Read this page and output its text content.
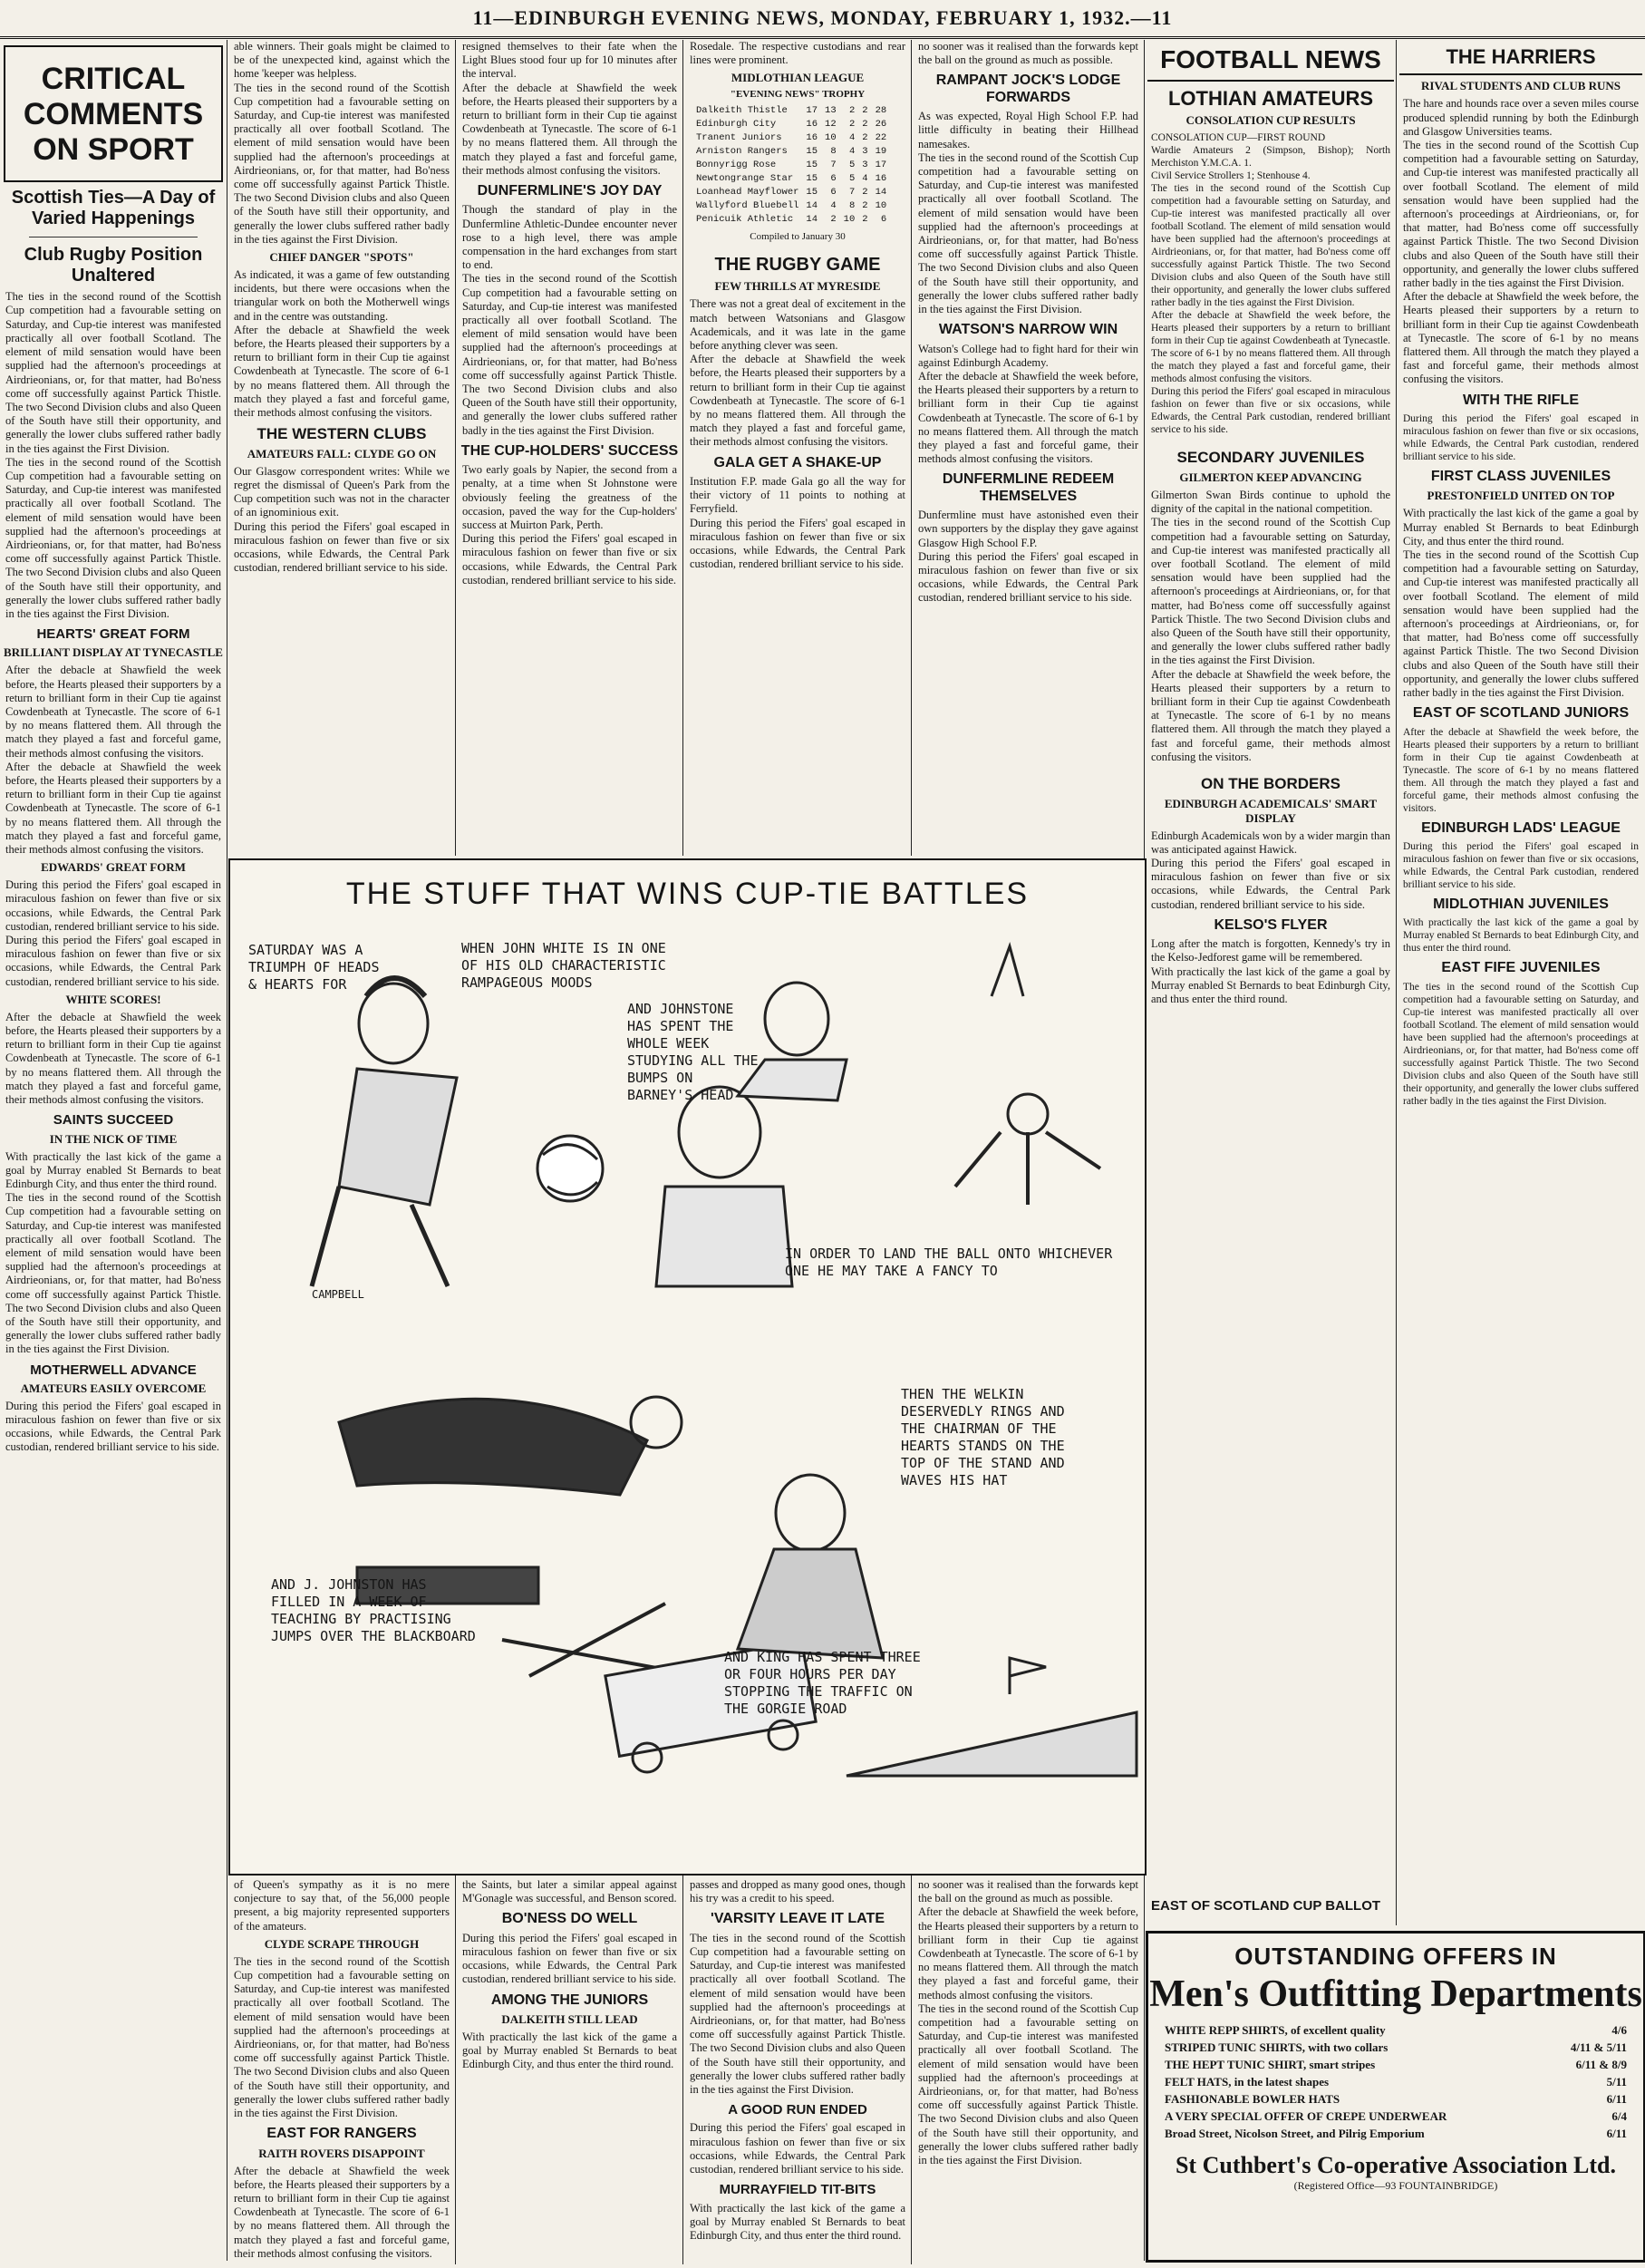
11—EDINBURGH EVENING NEWS, MONDAY, FEBRUARY 1, 1932.—11
CRITICAL COMMENTS ON SPORT
Scottish Ties—A Day of Varied Happenings
Club Rugby Position Unaltered

The ties in the second round of the Scottish Cup competition had a favourable setting on Saturday, and Cup-tie interest was manifested practically all over football Scotland. The element of mild sensation would have been supplied had the afternoon's proceedings at Airdrieonians, or, for that matter, had Bo'ness come off successfully against Partick Thistle. The two Second Division clubs and also Queen of the South have still their opportunity, and generally the lower clubs suffered rather badly in the ties against the First Division.

The ties in the second round of the Scottish Cup competition had a favourable setting on Saturday, and Cup-tie interest was manifested practically all over football Scotland. The element of mild sensation would have been supplied had the afternoon's proceedings at Airdrieonians, or, for that matter, had Bo'ness come off successfully against Partick Thistle. The two Second Division clubs and also Queen of the South have still their opportunity, and generally the lower clubs suffered rather badly in the ties against the First Division.

HEARTS' GREAT FORM
BRILLIANT DISPLAY AT TYNECASTLE

After the debacle at Shawfield the week before, the Hearts pleased their supporters by a return to brilliant form in their Cup tie against Cowdenbeath at Tynecastle. The score of 6-1 by no means flattered them. All through the match they played a fast and forceful game, their methods almost confusing the visitors.

After the debacle at Shawfield the week before, the Hearts pleased their supporters by a return to brilliant form in their Cup tie against Cowdenbeath at Tynecastle. The score of 6-1 by no means flattered them. All through the match they played a fast and forceful game, their methods almost confusing the visitors.

EDWARDS' GREAT FORM

During this period the Fifers' goal escaped in miraculous fashion on fewer than five or six occasions, while Edwards, the Central Park custodian, rendered brilliant service to his side.

During this period the Fifers' goal escaped in miraculous fashion on fewer than five or six occasions, while Edwards, the Central Park custodian, rendered brilliant service to his side.

WHITE SCORES!

After the debacle at Shawfield the week before, the Hearts pleased their supporters by a return to brilliant form in their Cup tie against Cowdenbeath at Tynecastle. The score of 6-1 by no means flattered them. All through the match they played a fast and forceful game, their methods almost confusing the visitors.

SAINTS SUCCEED
IN THE NICK OF TIME

With practically the last kick of the game a goal by Murray enabled St Bernards to beat Edinburgh City, and thus enter the third round.

The ties in the second round of the Scottish Cup competition had a favourable setting on Saturday, and Cup-tie interest was manifested practically all over football Scotland. The element of mild sensation would have been supplied had the afternoon's proceedings at Airdrieonians, or, for that matter, had Bo'ness come off successfully against Partick Thistle. The two Second Division clubs and also Queen of the South have still their opportunity, and generally the lower clubs suffered rather badly in the ties against the First Division.

MOTHERWELL ADVANCE
AMATEURS EASILY OVERCOME

During this period the Fifers' goal escaped in miraculous fashion on fewer than five or six occasions, while Edwards, the Central Park custodian, rendered brilliant service to his side.

able winners. Their goals might be claimed to be of the unexpected kind, against which the home 'keeper was helpless.

The ties in the second round of the Scottish Cup competition had a favourable setting on Saturday, and Cup-tie interest was manifested practically all over football Scotland. The element of mild sensation would have been supplied had the afternoon's proceedings at Airdrieonians, or, for that matter, had Bo'ness come off successfully against Partick Thistle. The two Second Division clubs and also Queen of the South have still their opportunity, and generally the lower clubs suffered rather badly in the ties against the First Division.

CHIEF DANGER "SPOTS"

As indicated, it was a game of few outstanding incidents, but there were occasions when the triangular work on both the Motherwell wings and in the centre was outstanding.

After the debacle at Shawfield the week before, the Hearts pleased their supporters by a return to brilliant form in their Cup tie against Cowdenbeath at Tynecastle. The score of 6-1 by no means flattered them. All through the match they played a fast and forceful game, their methods almost confusing the visitors.

THE WESTERN CLUBS
AMATEURS FALL: CLYDE GO ON

Our Glasgow correspondent writes: While we regret the dismissal of Queen's Park from the Cup competition such was not in the character of an ignominious exit.

During this period the Fifers' goal escaped in miraculous fashion on fewer than five or six occasions, while Edwards, the Central Park custodian, rendered brilliant service to his side.

resigned themselves to their fate when the Light Blues stood four up for 10 minutes after the interval.

After the debacle at Shawfield the week before, the Hearts pleased their supporters by a return to brilliant form in their Cup tie against Cowdenbeath at Tynecastle. The score of 6-1 by no means flattered them. All through the match they played a fast and forceful game, their methods almost confusing the visitors.

DUNFERMLINE'S JOY DAY

Though the standard of play in the Dunfermline Athletic-Dundee encounter never rose to a high level, there was ample compensation in the hard exchanges from start to end.

The ties in the second round of the Scottish Cup competition had a favourable setting on Saturday, and Cup-tie interest was manifested practically all over football Scotland. The element of mild sensation would have been supplied had the afternoon's proceedings at Airdrieonians, or, for that matter, had Bo'ness come off successfully against Partick Thistle. The two Second Division clubs and also Queen of the South have still their opportunity, and generally the lower clubs suffered rather badly in the ties against the First Division.

THE CUP-HOLDERS' SUCCESS

Two early goals by Napier, the second from a penalty, at a time when St Johnstone were obviously feeling the greatness of the occasion, paved the way for the Cup-holders' success at Muirton Park, Perth.

During this period the Fifers' goal escaped in miraculous fashion on fewer than five or six occasions, while Edwards, the Central Park custodian, rendered brilliant service to his side.

Rosedale. The respective custodians and rear lines were prominent.

MIDLOTHIAN LEAGUE
"EVENING NEWS" TROPHY
Dalkeith Thistle	17	13	2	2	28
Edinburgh City	16	12	2	2	26
Tranent Juniors	16	10	4	2	22
Arniston Rangers	15	8	4	3	19
Bonnyrigg Rose	15	7	5	3	17
Newtongrange Star	15	6	5	4	16
Loanhead Mayflower	15	6	7	2	14
Wallyford Bluebell	14	4	8	2	10
Penicuik Athletic	14	2	10	2	6
Compiled to January 30
THE RUGBY GAME
FEW THRILLS AT MYRESIDE

There was not a great deal of excitement in the match between Watsonians and Glasgow Academicals, and it was late in the game before anything clever was seen.

After the debacle at Shawfield the week before, the Hearts pleased their supporters by a return to brilliant form in their Cup tie against Cowdenbeath at Tynecastle. The score of 6-1 by no means flattered them. All through the match they played a fast and forceful game, their methods almost confusing the visitors.

GALA GET A SHAKE-UP

Institution F.P. made Gala go all the way for their victory of 11 points to nothing at Ferryfield.

During this period the Fifers' goal escaped in miraculous fashion on fewer than five or six occasions, while Edwards, the Central Park custodian, rendered brilliant service to his side.

no sooner was it realised than the forwards kept the ball on the ground as much as possible.

RAMPANT JOCK'S LODGE FORWARDS

As was expected, Royal High School F.P. had little difficulty in beating their Hillhead namesakes.

The ties in the second round of the Scottish Cup competition had a favourable setting on Saturday, and Cup-tie interest was manifested practically all over football Scotland. The element of mild sensation would have been supplied had the afternoon's proceedings at Airdrieonians, or, for that matter, had Bo'ness come off successfully against Partick Thistle. The two Second Division clubs and also Queen of the South have still their opportunity, and generally the lower clubs suffered rather badly in the ties against the First Division.

WATSON'S NARROW WIN

Watson's College had to fight hard for their win against Edinburgh Academy.

After the debacle at Shawfield the week before, the Hearts pleased their supporters by a return to brilliant form in their Cup tie against Cowdenbeath at Tynecastle. The score of 6-1 by no means flattered them. All through the match they played a fast and forceful game, their methods almost confusing the visitors.

DUNFERMLINE REDEEM THEMSELVES

Dunfermline must have astonished even their own supporters by the display they gave against Glasgow High School F.P.

During this period the Fifers' goal escaped in miraculous fashion on fewer than five or six occasions, while Edwards, the Central Park custodian, rendered brilliant service to his side.

FOOTBALL NEWS
LOTHIAN AMATEURS
CONSOLATION CUP RESULTS

CONSOLATION CUP—FIRST ROUND
Wardie Amateurs 2 (Simpson, Bishop); North Merchiston Y.M.C.A. 1.
Civil Service Strollers 1; Stenhouse 4.

The ties in the second round of the Scottish Cup competition had a favourable setting on Saturday, and Cup-tie interest was manifested practically all over football Scotland. The element of mild sensation would have been supplied had the afternoon's proceedings at Airdrieonians, or, for that matter, had Bo'ness come off successfully against Partick Thistle. The two Second Division clubs and also Queen of the South have still their opportunity, and generally the lower clubs suffered rather badly in the ties against the First Division.

After the debacle at Shawfield the week before, the Hearts pleased their supporters by a return to brilliant form in their Cup tie against Cowdenbeath at Tynecastle. The score of 6-1 by no means flattered them. All through the match they played a fast and forceful game, their methods almost confusing the visitors.

During this period the Fifers' goal escaped in miraculous fashion on fewer than five or six occasions, while Edwards, the Central Park custodian, rendered brilliant service to his side.

SECONDARY JUVENILES
GILMERTON KEEP ADVANCING

Gilmerton Swan Birds continue to uphold the dignity of the capital in the national competition.

The ties in the second round of the Scottish Cup competition had a favourable setting on Saturday, and Cup-tie interest was manifested practically all over football Scotland. The element of mild sensation would have been supplied had the afternoon's proceedings at Airdrieonians, or, for that matter, had Bo'ness come off successfully against Partick Thistle. The two Second Division clubs and also Queen of the South have still their opportunity, and generally the lower clubs suffered rather badly in the ties against the First Division.

After the debacle at Shawfield the week before, the Hearts pleased their supporters by a return to brilliant form in their Cup tie against Cowdenbeath at Tynecastle. The score of 6-1 by no means flattered them. All through the match they played a fast and forceful game, their methods almost confusing the visitors.

ON THE BORDERS
EDINBURGH ACADEMICALS' SMART DISPLAY

Edinburgh Academicals won by a wider margin than was anticipated against Hawick.

During this period the Fifers' goal escaped in miraculous fashion on fewer than five or six occasions, while Edwards, the Central Park custodian, rendered brilliant service to his side.

KELSO'S FLYER

Long after the match is forgotten, Kennedy's try in the Kelso-Jedforest game will be remembered.

With practically the last kick of the game a goal by Murray enabled St Bernards to beat Edinburgh City, and thus enter the third round.

THE HARRIERS
RIVAL STUDENTS AND CLUB RUNS

The hare and hounds race over a seven miles course produced splendid running by both the Edinburgh and Glasgow Universities teams.

The ties in the second round of the Scottish Cup competition had a favourable setting on Saturday, and Cup-tie interest was manifested practically all over football Scotland. The element of mild sensation would have been supplied had the afternoon's proceedings at Airdrieonians, or, for that matter, had Bo'ness come off successfully against Partick Thistle. The two Second Division clubs and also Queen of the South have still their opportunity, and generally the lower clubs suffered rather badly in the ties against the First Division.

After the debacle at Shawfield the week before, the Hearts pleased their supporters by a return to brilliant form in their Cup tie against Cowdenbeath at Tynecastle. The score of 6-1 by no means flattered them. All through the match they played a fast and forceful game, their methods almost confusing the visitors.

WITH THE RIFLE

During this period the Fifers' goal escaped in miraculous fashion on fewer than five or six occasions, while Edwards, the Central Park custodian, rendered brilliant service to his side.

FIRST CLASS JUVENILES
PRESTONFIELD UNITED ON TOP

With practically the last kick of the game a goal by Murray enabled St Bernards to beat Edinburgh City, and thus enter the third round.

The ties in the second round of the Scottish Cup competition had a favourable setting on Saturday, and Cup-tie interest was manifested practically all over football Scotland. The element of mild sensation would have been supplied had the afternoon's proceedings at Airdrieonians, or, for that matter, had Bo'ness come off successfully against Partick Thistle. The two Second Division clubs and also Queen of the South have still their opportunity, and generally the lower clubs suffered rather badly in the ties against the First Division.

EAST OF SCOTLAND JUNIORS

After the debacle at Shawfield the week before, the Hearts pleased their supporters by a return to brilliant form in their Cup tie against Cowdenbeath at Tynecastle. The score of 6-1 by no means flattered them. All through the match they played a fast and forceful game, their methods almost confusing the visitors.

EDINBURGH LADS' LEAGUE

During this period the Fifers' goal escaped in miraculous fashion on fewer than five or six occasions, while Edwards, the Central Park custodian, rendered brilliant service to his side.

MIDLOTHIAN JUVENILES

With practically the last kick of the game a goal by Murray enabled St Bernards to beat Edinburgh City, and thus enter the third round.

EAST FIFE JUVENILES

The ties in the second round of the Scottish Cup competition had a favourable setting on Saturday, and Cup-tie interest was manifested practically all over football Scotland. The element of mild sensation would have been supplied had the afternoon's proceedings at Airdrieonians, or, for that matter, had Bo'ness come off successfully against Partick Thistle. The two Second Division clubs and also Queen of the South have still their opportunity, and generally the lower clubs suffered rather badly in the ties against the First Division.

THE STUFF THAT WINS CUP-TIE BATTLES
SATURDAY WAS A TRIUMPH OF HEADS & HEARTS FOR
WHEN JOHN WHITE IS IN ONE OF HIS OLD CHARACTERISTIC RAMPAGEOUS MOODS
AND JOHNSTONE HAS SPENT THE WHOLE WEEK STUDYING ALL THE BUMPS ON BARNEY'S HEAD
IN ORDER TO LAND THE BALL ONTO WHICHEVER ONE HE MAY TAKE A FANCY TO
THEN THE WELKIN DESERVEDLY RINGS AND THE CHAIRMAN OF THE HEARTS STANDS ON THE TOP OF THE STAND AND WAVES HIS HAT
AND J. JOHNSTON HAS FILLED IN A WEEK OF TEACHING BY PRACTISING JUMPS OVER THE BLACKBOARD
AND KING HAS SPENT THREE OR FOUR HOURS PER DAY STOPPING THE TRAFFIC ON THE GORGIE ROAD
CAMPBELL

of Queen's sympathy as it is no mere conjecture to say that, of the 56,000 people present, a big majority represented supporters of the amateurs.

CLYDE SCRAPE THROUGH

The ties in the second round of the Scottish Cup competition had a favourable setting on Saturday, and Cup-tie interest was manifested practically all over football Scotland. The element of mild sensation would have been supplied had the afternoon's proceedings at Airdrieonians, or, for that matter, had Bo'ness come off successfully against Partick Thistle. The two Second Division clubs and also Queen of the South have still their opportunity, and generally the lower clubs suffered rather badly in the ties against the First Division.

EAST FOR RANGERS
RAITH ROVERS DISAPPOINT

After the debacle at Shawfield the week before, the Hearts pleased their supporters by a return to brilliant form in their Cup tie against Cowdenbeath at Tynecastle. The score of 6-1 by no means flattered them. All through the match they played a fast and forceful game, their methods almost confusing the visitors.

the Saints, but later a similar appeal against M'Gonagle was successful, and Benson scored.

BO'NESS DO WELL

During this period the Fifers' goal escaped in miraculous fashion on fewer than five or six occasions, while Edwards, the Central Park custodian, rendered brilliant service to his side.

AMONG THE JUNIORS
DALKEITH STILL LEAD

With practically the last kick of the game a goal by Murray enabled St Bernards to beat Edinburgh City, and thus enter the third round.

passes and dropped as many good ones, though his try was a credit to his speed.

'VARSITY LEAVE IT LATE

The ties in the second round of the Scottish Cup competition had a favourable setting on Saturday, and Cup-tie interest was manifested practically all over football Scotland. The element of mild sensation would have been supplied had the afternoon's proceedings at Airdrieonians, or, for that matter, had Bo'ness come off successfully against Partick Thistle. The two Second Division clubs and also Queen of the South have still their opportunity, and generally the lower clubs suffered rather badly in the ties against the First Division.

A GOOD RUN ENDED

During this period the Fifers' goal escaped in miraculous fashion on fewer than five or six occasions, while Edwards, the Central Park custodian, rendered brilliant service to his side.

MURRAYFIELD TIT-BITS

With practically the last kick of the game a goal by Murray enabled St Bernards to beat Edinburgh City, and thus enter the third round.

no sooner was it realised than the forwards kept the ball on the ground as much as possible.

After the debacle at Shawfield the week before, the Hearts pleased their supporters by a return to brilliant form in their Cup tie against Cowdenbeath at Tynecastle. The score of 6-1 by no means flattered them. All through the match they played a fast and forceful game, their methods almost confusing the visitors.

The ties in the second round of the Scottish Cup competition had a favourable setting on Saturday, and Cup-tie interest was manifested practically all over football Scotland. The element of mild sensation would have been supplied had the afternoon's proceedings at Airdrieonians, or, for that matter, had Bo'ness come off successfully against Partick Thistle. The two Second Division clubs and also Queen of the South have still their opportunity, and generally the lower clubs suffered rather badly in the ties against the First Division.

EAST OF SCOTLAND CUP BALLOT
OUTSTANDING OFFERS IN
Men's Outfitting Departments
WHITE REPP SHIRTS, of excellent quality	4/6
STRIPED TUNIC SHIRTS, with two collars	4/11 & 5/11
THE HEPT TUNIC SHIRT, smart stripes	6/11 & 8/9
FELT HATS, in the latest shapes	5/11
FASHIONABLE BOWLER HATS	6/11
A VERY SPECIAL OFFER OF CREPE UNDERWEAR	6/4
Broad Street, Nicolson Street, and Pilrig Emporium	6/11
St Cuthbert's Co-operative Association Ltd.
(Registered Office—93 FOUNTAINBRIDGE)
